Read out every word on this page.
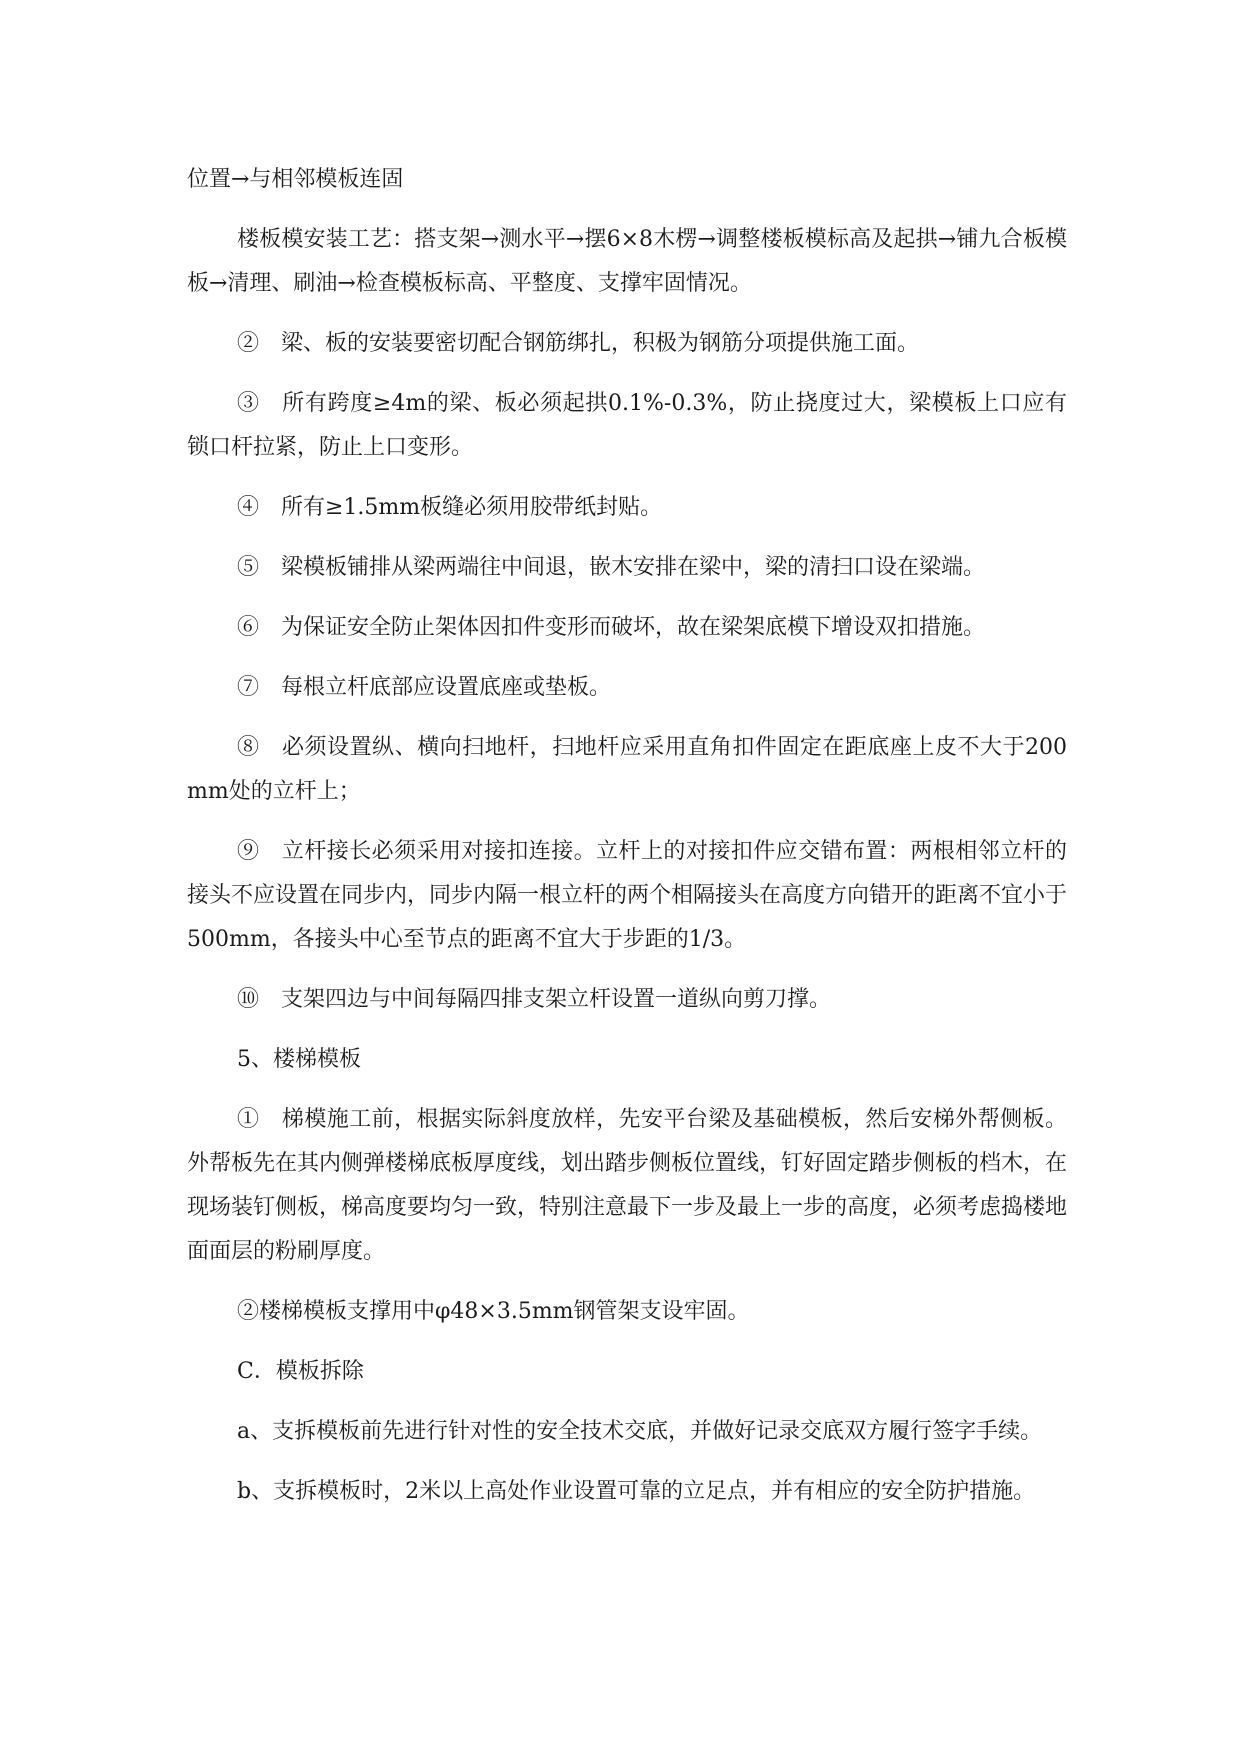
位置→与相邻模板连固

楼板模安装工艺：搭支架→测水平→摆6×8木楞→调整楼板模标高及起拱→铺九合板模板→清理、刷油→检查模板标高、平整度、支撑牢固情况。

②　梁、板的安装要密切配合钢筋绑扎，积极为钢筋分项提供施工面。

③　所有跨度≥4m的梁、板必须起拱0.1%-0.3%，防止挠度过大，梁模板上口应有锁口杆拉紧，防止上口变形。

④　所有≥1.5mm板缝必须用胶带纸封贴。

⑤　梁模板铺排从梁两端往中间退，嵌木安排在梁中，梁的清扫口设在梁端。

⑥　为保证安全防止架体因扣件变形而破坏，故在梁架底模下增设双扣措施。

⑦　每根立杆底部应设置底座或垫板。

⑧　必须设置纵、横向扫地杆，扫地杆应采用直角扣件固定在距底座上皮不大于200mm处的立杆上；

⑨　立杆接长必须采用对接扣连接。立杆上的对接扣件应交错布置：两根相邻立杆的接头不应设置在同步内，同步内隔一根立杆的两个相隔接头在高度方向错开的距离不宜小于500mm，各接头中心至节点的距离不宜大于步距的1/3。

⑩　支架四边与中间每隔四排支架立杆设置一道纵向剪刀撑。

5、楼梯模板

①　梯模施工前，根据实际斜度放样，先安平台梁及基础模板，然后安梯外帮侧板。外帮板先在其内侧弹楼梯底板厚度线，划出踏步侧板位置线，钉好固定踏步侧板的档木，在现场装钉侧板，梯高度要均匀一致，特别注意最下一步及最上一步的高度，必须考虑捣楼地面面层的粉刷厚度。

②楼梯模板支撑用中φ48×3.5mm钢管架支设牢固。

C．模板拆除

a、支拆模板前先进行针对性的安全技术交底，并做好记录交底双方履行签字手续。

b、支拆模板时，2米以上高处作业设置可靠的立足点，并有相应的安全防护措施。
